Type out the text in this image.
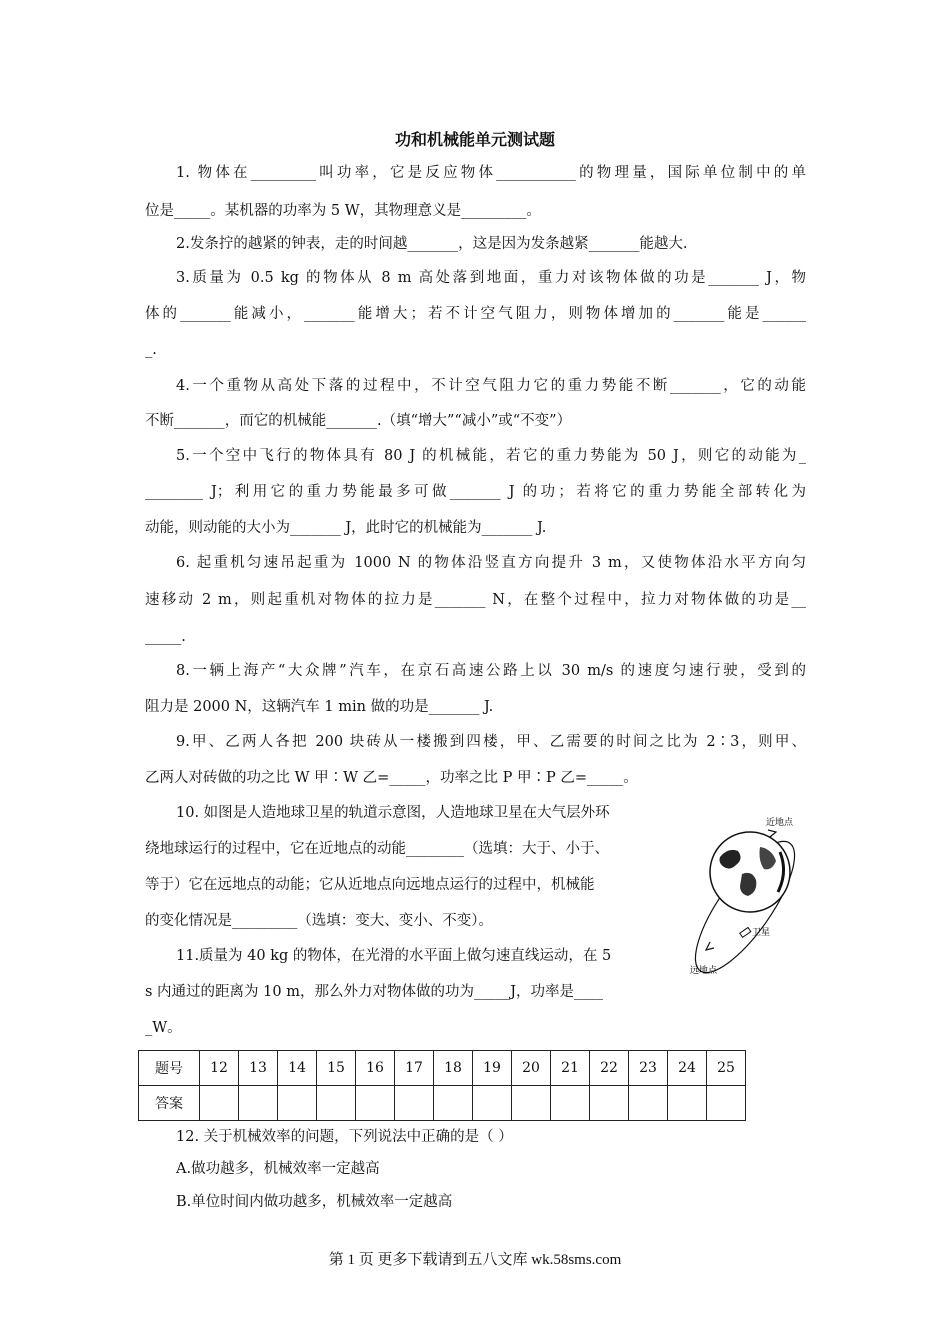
功和机械能单元测试题
1. 物体在_________叫功率，它是反应物体___________的物理量，国际单位制中的单
位是_____。某机器的功率为 5 W，其物理意义是_________。
2.发条拧的越紧的钟表，走的时间越_______，这是因为发条越紧_______能越大.
3.质量为 0.5 kg 的物体从 8 m 高处落到地面，重力对该物体做的功是_______ J，物
体的_______能减小，_______能增大；若不计空气阻力，则物体增加的_______能是______
_.
4.一个重物从高处下落的过程中，不计空气阻力它的重力势能不断_______，它的动能
不断_______，而它的机械能_______.（填“增大”“减小”或“不变”）
5.一个空中飞行的物体具有 80 J 的机械能，若它的重力势能为 50 J，则它的动能为_
________ J；利用它的重力势能最多可做_______ J 的功；若将它的重力势能全部转化为
动能，则动能的大小为_______ J，此时它的机械能为_______ J.
6. 起重机匀速吊起重为 1000 N 的物体沿竖直方向提升 3 m，又使物体沿水平方向匀
速移动 2 m，则起重机对物体的拉力是_______ N，在整个过程中，拉力对物体做的功是__
_____.
8.一辆上海产“大众牌”汽车，在京石高速公路上以 30 m/s 的速度匀速行驶，受到的
阻力是 2000 N，这辆汽车 1 min 做的功是_______ J.
9.甲、乙两人各把 200 块砖从一楼搬到四楼，甲、乙需要的时间之比为 2∶3，则甲、
乙两人对砖做的功之比 W 甲∶W 乙=_____，功率之比 P 甲∶P 乙=_____。
10. 如图是人造地球卫星的轨道示意图，人造地球卫星在大气层外环
绕地球运行的过程中，它在近地点的动能________（选填：大于、小于、
等于）它在远地点的动能；它从近地点向远地点运行的过程中，机械能
的变化情况是_________（选填：变大、变小、不变）。
11.质量为 40 kg 的物体，在光滑的水平面上做匀速直线运动，在 5
s 内通过的距离为 10 m，那么外力对物体做的功为_____J，功率是____
_W。
近地点
卫星
远地点
题号	12	13	14	15	16	17	18	19	20	21	22	23	24	25
答案														
12. 关于机械效率的问题，下列说法中正确的是（ ）
A.做功越多，机械效率一定越高
B.单位时间内做功越多，机械效率一定越高
第 1 页 更多下载请到五八文库 wk.58sms.com
